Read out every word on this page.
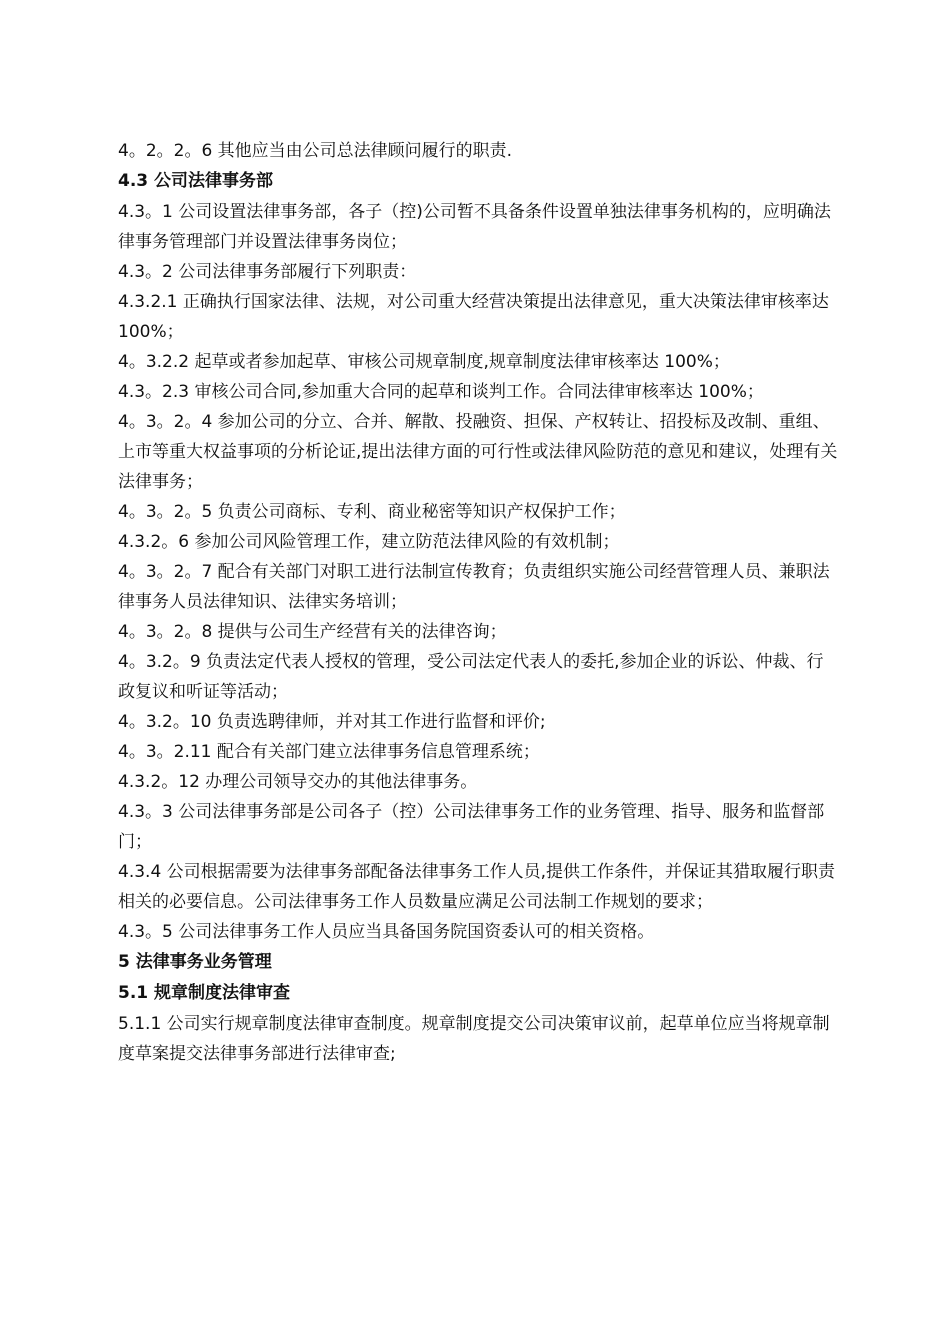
4。2。2。6 其他应当由公司总法律顾问履行的职责.

4.3 公司法律事务部

4.3。1 公司设置法律事务部，各子（控)公司暂不具备条件设置单独法律事务机构的，应明确法律事务管理部门并设置法律事务岗位；

4.3。2 公司法律事务部履行下列职责：

4.3.2.1 正确执行国家法律、法规，对公司重大经营决策提出法律意见，重大决策法律审核率达 100%；

4。3.2.2 起草或者参加起草、审核公司规章制度,规章制度法律审核率达 100%；

4.3。2.3 审核公司合同,参加重大合同的起草和谈判工作。合同法律审核率达 100%；

4。3。2。4 参加公司的分立、合并、解散、投融资、担保、产权转让、招投标及改制、重组、上市等重大权益事项的分析论证,提出法律方面的可行性或法律风险防范的意见和建议，处理有关法律事务；

4。3。2。5 负责公司商标、专利、商业秘密等知识产权保护工作；

4.3.2。6 参加公司风险管理工作，建立防范法律风险的有效机制；

4。3。2。7 配合有关部门对职工进行法制宣传教育；负责组织实施公司经营管理人员、兼职法律事务人员法律知识、法律实务培训；

4。3。2。8 提供与公司生产经营有关的法律咨询；

4。3.2。9 负责法定代表人授权的管理，受公司法定代表人的委托,参加企业的诉讼、仲裁、行政复议和听证等活动；

4。3.2。10 负责选聘律师，并对其工作进行监督和评价;

4。3。2.11 配合有关部门建立法律事务信息管理系统；

4.3.2。12 办理公司领导交办的其他法律事务。

4.3。3 公司法律事务部是公司各子（控）公司法律事务工作的业务管理、指导、服务和监督部门；

4.3.4 公司根据需要为法律事务部配备法律事务工作人员,提供工作条件，并保证其猎取履行职责相关的必要信息。公司法律事务工作人员数量应满足公司法制工作规划的要求；

4.3。5 公司法律事务工作人员应当具备国务院国资委认可的相关资格。

5 法律事务业务管理

5.1 规章制度法律审查

5.1.1 公司实行规章制度法律审查制度。规章制度提交公司决策审议前，起草单位应当将规章制度草案提交法律事务部进行法律审查;
